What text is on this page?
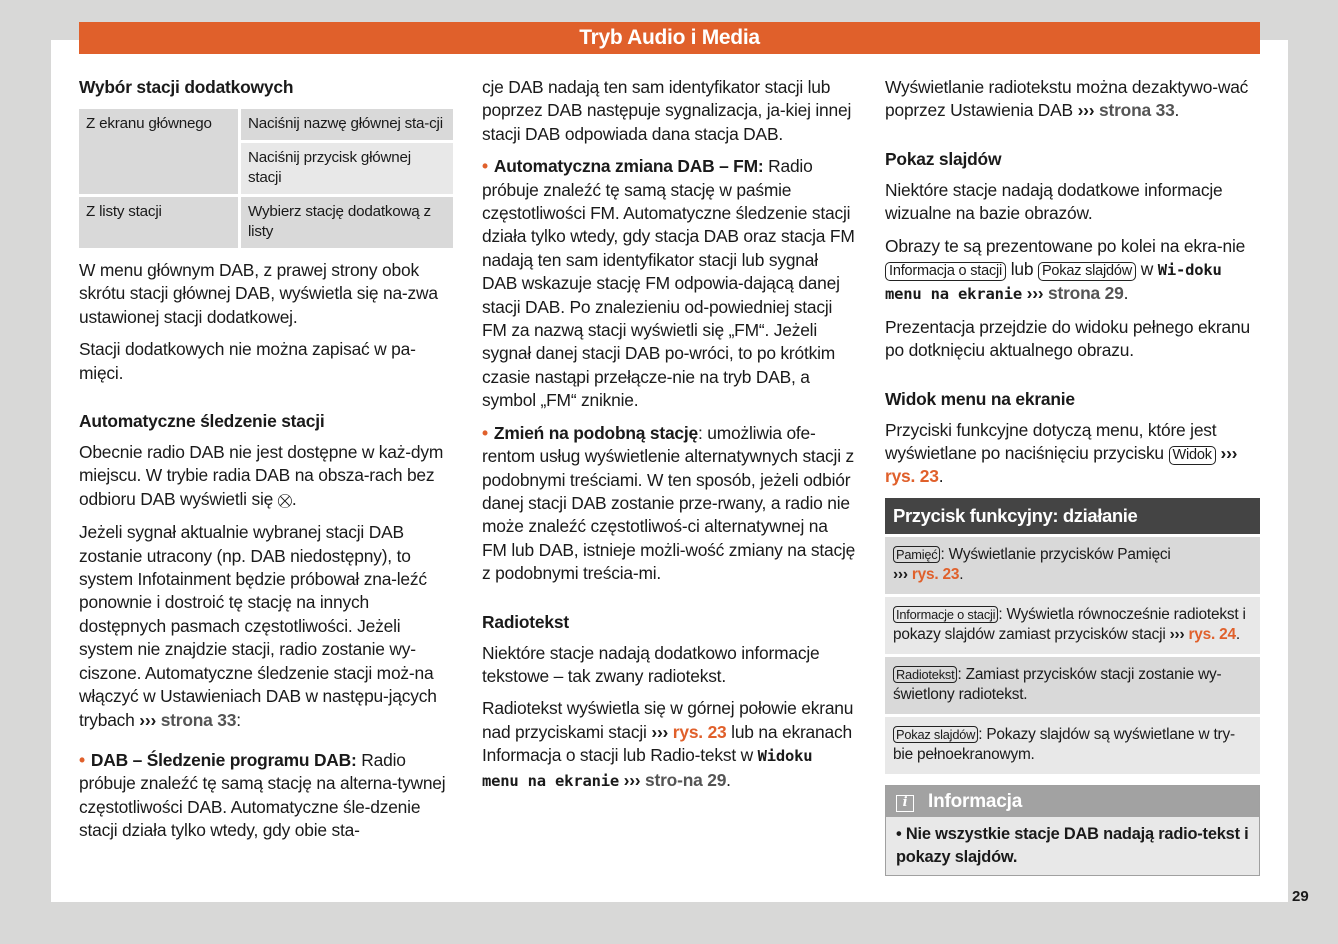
Tryb Audio i Media
Wybór stacji dodatkowych
Z ekranu głównego	Naciśnij nazwę głównej sta-cji
	Naciśnij przycisk głównej stacji
Z listy stacji	Wybierz stację dodatkową z listy

W menu głównym DAB, z prawej strony obok skrótu stacji głównej DAB, wyświetla się na-zwa ustawionej stacji dodatkowej.

Stacji dodatkowych nie można zapisać w pa-mięci.

Automatyczne śledzenie stacji

Obecnie radio DAB nie jest dostępne w każ-dym miejscu. W trybie radia DAB na obsza-rach bez odbioru DAB wyświetli się ⛒.

Jeżeli sygnał aktualnie wybranej stacji DAB zostanie utracony (np. DAB niedostępny), to system Infotainment będzie próbował zna-leźć ponownie i dostroić tę stację na innych dostępnych pasmach częstotliwości. Jeżeli system nie znajdzie stacji, radio zostanie wy-ciszone. Automatyczne śledzenie stacji moż-na włączyć w Ustawieniach DAB w następu-jących trybach ››› strona 33:

• DAB – Śledzenie programu DAB: Radio próbuje znaleźć tę samą stację na alterna-tywnej częstotliwości DAB. Automatyczne śle-dzenie stacji działa tylko wtedy, gdy obie sta-

cje DAB nadają ten sam identyfikator stacji lub poprzez DAB następuje sygnalizacja, ja-kiej innej stacji DAB odpowiada dana stacja DAB.

• Automatyczna zmiana DAB – FM: Radio próbuje znaleźć tę samą stację w paśmie częstotliwości FM. Automatyczne śledzenie stacji działa tylko wtedy, gdy stacja DAB oraz stacja FM nadają ten sam identyfikator stacji lub sygnał DAB wskazuje stację FM odpowia-dającą danej stacji DAB. Po znalezieniu od-powiedniej stacji FM za nazwą stacji wyświetli się „FM“. Jeżeli sygnał danej stacji DAB po-wróci, to po krótkim czasie nastąpi przełącze-nie na tryb DAB, a symbol „FM“ zniknie.

• Zmień na podobną stację: umożliwia ofe-rentom usług wyświetlenie alternatywnych stacji z podobnymi treściami. W ten sposób, jeżeli odbiór danej stacji DAB zostanie prze-rwany, a radio nie może znaleźć częstotliwoś-ci alternatywnej na FM lub DAB, istnieje możli-wość zmiany na stację z podobnymi treścia-mi.

Radiotekst

Niektóre stacje nadają dodatkowo informacje tekstowe – tak zwany radiotekst.

Radiotekst wyświetla się w górnej połowie ekranu nad przyciskami stacji ››› rys. 23 lub na ekranach Informacja o stacji lub Radio-tekst w Widoku menu na ekranie ››› stro-na 29.

Wyświetlanie radiotekstu można dezaktywo-wać poprzez Ustawienia DAB ››› strona 33.

Pokaz slajdów

Niektóre stacje nadają dodatkowe informacje wizualne na bazie obrazów.

Obrazy te są prezentowane po kolei na ekra-nie Informacja o stacji lub Pokaz slajdów w Wi-doku menu na ekranie ››› strona 29.

Prezentacja przejdzie do widoku pełnego ekranu po dotknięciu aktualnego obrazu.

Widok menu na ekranie

Przyciski funkcyjne dotyczą menu, które jest wyświetlane po naciśnięciu przycisku Widok ››› rys. 23.

Przycisk funkcyjny: działanie
Pamięć : Wyświetlanie przycisków Pamięci
››› rys. 23.
Informacje o stacji : Wyświetla równocześnie radiotekst i pokazy slajdów zamiast przycisków stacji ››› rys. 24.
Radiotekst : Zamiast przycisków stacji zostanie wy-świetlony radiotekst.
Pokaz slajdów : Pokazy slajdów są wyświetlane w try-bie pełnoekranowym.
i Informacja
• Nie wszystkie stacje DAB nadają radio-tekst i pokazy slajdów.
29
